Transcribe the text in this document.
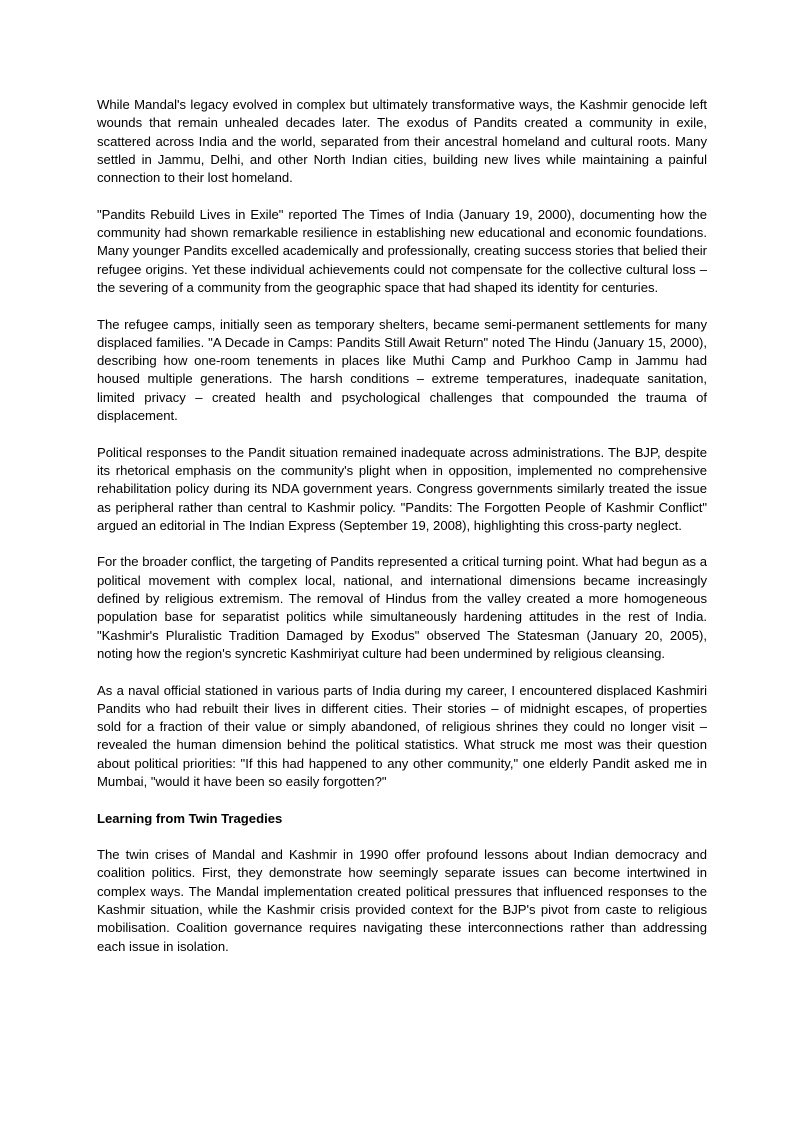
While Mandal's legacy evolved in complex but ultimately transformative ways, the Kashmir genocide left wounds that remain unhealed decades later. The exodus of Pandits created a community in exile, scattered across India and the world, separated from their ancestral homeland and cultural roots. Many settled in Jammu, Delhi, and other North Indian cities, building new lives while maintaining a painful connection to their lost homeland.

"Pandits Rebuild Lives in Exile" reported The Times of India (January 19, 2000), documenting how the community had shown remarkable resilience in establishing new educational and economic foundations. Many younger Pandits excelled academically and professionally, creating success stories that belied their refugee origins. Yet these individual achievements could not compensate for the collective cultural loss – the severing of a community from the geographic space that had shaped its identity for centuries.

The refugee camps, initially seen as temporary shelters, became semi-permanent settlements for many displaced families. "A Decade in Camps: Pandits Still Await Return" noted The Hindu (January 15, 2000), describing how one-room tenements in places like Muthi Camp and Purkhoo Camp in Jammu had housed multiple generations. The harsh conditions – extreme temperatures, inadequate sanitation, limited privacy – created health and psychological challenges that compounded the trauma of displacement.

Political responses to the Pandit situation remained inadequate across administrations. The BJP, despite its rhetorical emphasis on the community's plight when in opposition, implemented no comprehensive rehabilitation policy during its NDA government years. Congress governments similarly treated the issue as peripheral rather than central to Kashmir policy. "Pandits: The Forgotten People of Kashmir Conflict" argued an editorial in The Indian Express (September 19, 2008), highlighting this cross-party neglect.

For the broader conflict, the targeting of Pandits represented a critical turning point. What had begun as a political movement with complex local, national, and international dimensions became increasingly defined by religious extremism. The removal of Hindus from the valley created a more homogeneous population base for separatist politics while simultaneously hardening attitudes in the rest of India. "Kashmir's Pluralistic Tradition Damaged by Exodus" observed The Statesman (January 20, 2005), noting how the region's syncretic Kashmiriyat culture had been undermined by religious cleansing.

As a naval official stationed in various parts of India during my career, I encountered displaced Kashmiri Pandits who had rebuilt their lives in different cities. Their stories – of midnight escapes, of properties sold for a fraction of their value or simply abandoned, of religious shrines they could no longer visit – revealed the human dimension behind the political statistics. What struck me most was their question about political priorities: "If this had happened to any other community," one elderly Pandit asked me in Mumbai, "would it have been so easily forgotten?"

Learning from Twin Tragedies

The twin crises of Mandal and Kashmir in 1990 offer profound lessons about Indian democracy and coalition politics. First, they demonstrate how seemingly separate issues can become intertwined in complex ways. The Mandal implementation created political pressures that influenced responses to the Kashmir situation, while the Kashmir crisis provided context for the BJP's pivot from caste to religious mobilisation. Coalition governance requires navigating these interconnections rather than addressing each issue in isolation.
